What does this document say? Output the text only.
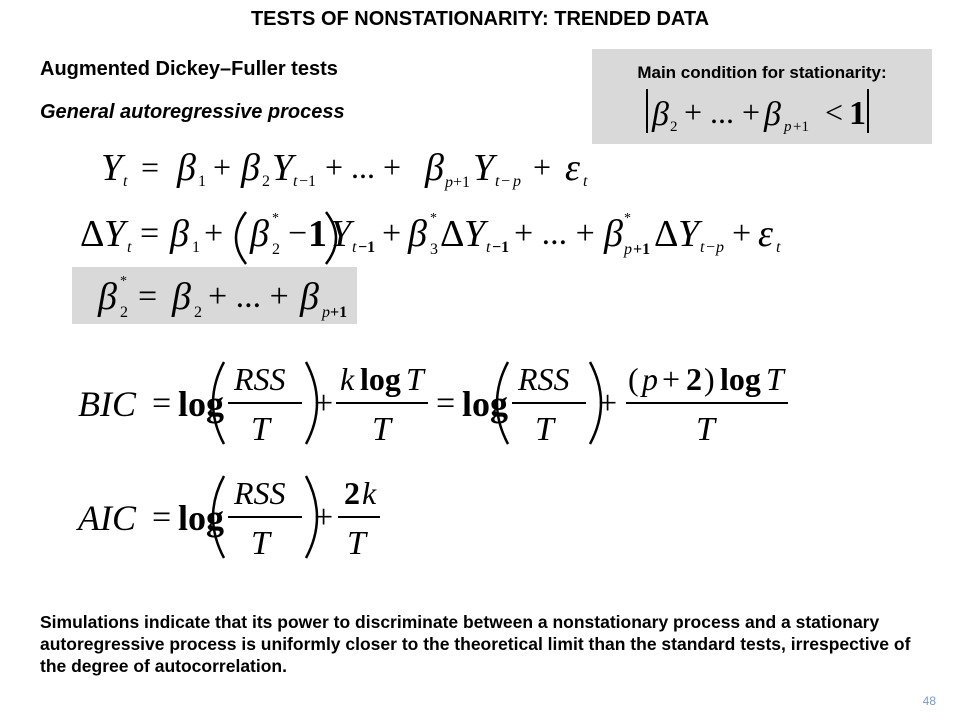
TESTS OF NONSTATIONARITY: TRENDED DATA
Augmented Dickey–Fuller tests
General autoregressive process
Main condition for stationarity:
β 2 + ... + β p +1 < 1
Y t = β 1 + β 2 Y t −1 + ... + β p +1 Y t − p + ε t
Δ Y t = β 1 + β *
2 − 1 Y t −1 + β *
3 Δ Y t −1 + ... + β *
p +1 Δ Y t − p + ε t
β *
2 = β 2 + ... + β p +1
BIC = log
RSS
T
+
k log T
T
= log
RSS
T
+
( p + 2 ) log T
T
AIC = log
RSS
T
+
2 k
T
Simulations indicate that its power to discriminate between a nonstationary process and a stationary autoregressive process is uniformly closer to the theoretical limit than the standard tests, irrespective of the degree of autocorrelation.
48
